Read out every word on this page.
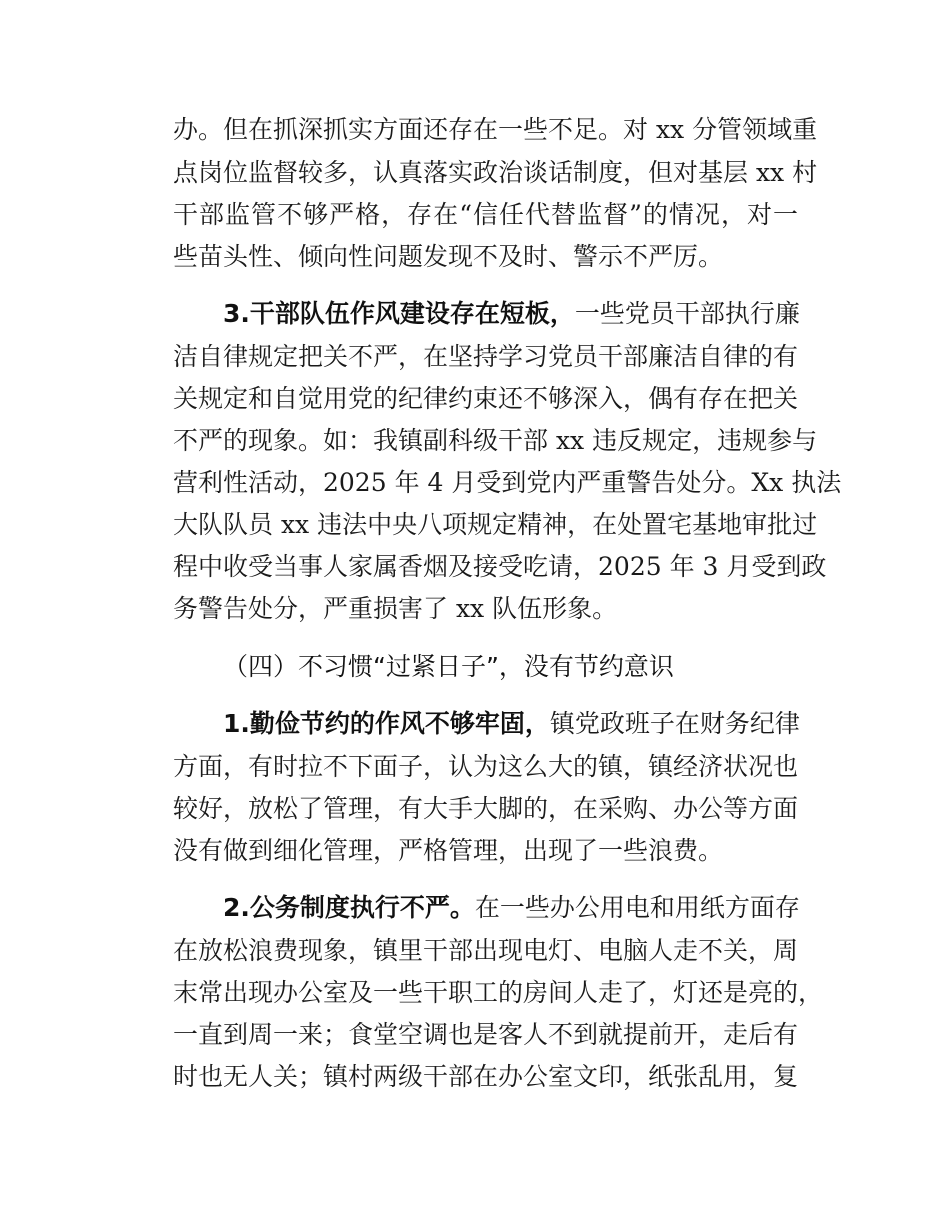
办。但在抓深抓实方面还存在一些不足。对 xx 分管领域重
点岗位监督较多，认真落实政治谈话制度，但对基层 xx 村
干部监管不够严格，存在“信任代替监督”的情况，对一
些苗头性、倾向性问题发现不及时、警示不严厉。
3.干部队伍作风建设存在短板，一些党员干部执行廉
洁自律规定把关不严，在坚持学习党员干部廉洁自律的有
关规定和自觉用党的纪律约束还不够深入，偶有存在把关
不严的现象。如：我镇副科级干部 xx 违反规定，违规参与
营利性活动，2025 年 4 月受到党内严重警告处分。Xx 执法
大队队员 xx 违法中央八项规定精神，在处置宅基地审批过
程中收受当事人家属香烟及接受吃请，2025 年 3 月受到政
务警告处分，严重损害了 xx 队伍形象。
（四）不习惯“过紧日子”，没有节约意识
1.勤俭节约的作风不够牢固，镇党政班子在财务纪律
方面，有时拉不下面子，认为这么大的镇，镇经济状况也
较好，放松了管理，有大手大脚的，在采购、办公等方面
没有做到细化管理，严格管理，出现了一些浪费。
2.公务制度执行不严。在一些办公用电和用纸方面存
在放松浪费现象，镇里干部出现电灯、电脑人走不关，周
末常出现办公室及一些干职工的房间人走了，灯还是亮的，
一直到周一来；食堂空调也是客人不到就提前开，走后有
时也无人关；镇村两级干部在办公室文印，纸张乱用，复
